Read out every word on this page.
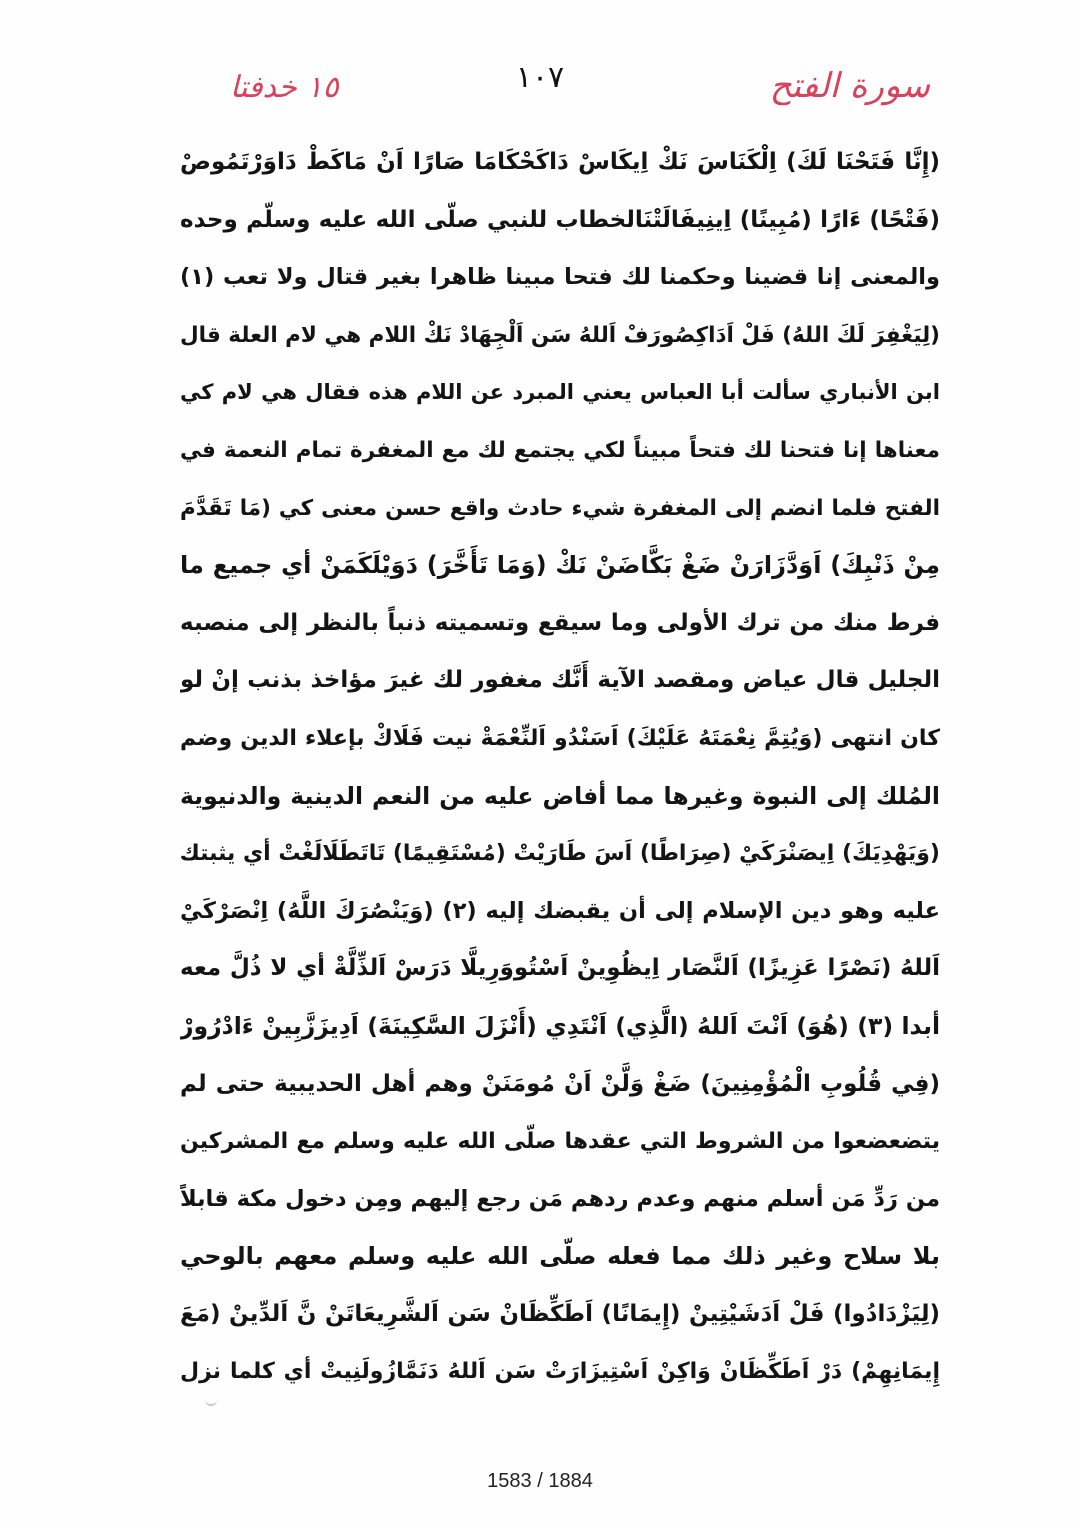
سورة الفتح
١٠٧
١٥ خدفتا
(إِنَّا فَتَحْنَا لَكَ) اِلْكَنَاسَ نَكْ اِيكَاسْ دَاكَحْكَامَا صَارًا اَنْ مَاكَطْ دَاوَرْتَمُوصْ
(فَتْحًا) ءَارًا (مُبِينًا) اِينِيفَالَتْنَالخطاب للنبي صلّى الله عليه وسلّم وحده
والمعنى إنا قضينا وحكمنا لك فتحا مبينا ظاهرا بغير قتال ولا تعب (١)
(لِيَغْفِرَ لَكَ اللهُ) فَلْ اَدَاكِصُورَفْ اَللهُ سَن اَلْجِهَادْ نَكْ اللام هي لام العلة قال
ابن الأنباري سألت أبا العباس يعني المبرد عن اللام هذه فقال هي لام كي
معناها إنا فتحنا لك فتحاً مبيناً لكي يجتمع لك مع المغفرة تمام النعمة في
الفتح فلما انضم إلى المغفرة شيء حادث واقع حسن معنى كي (مَا تَقَدَّمَ
مِنْ ذَنْبِكَ) اَوَدَّزَارَنْ ضَغْ بَكَّاضَنْ نَكْ (وَمَا تَأَخَّرَ) دَوَيْلَكَمَنْ أي جميع ما
فرط منك من ترك الأولى وما سيقع وتسميته ذنباً بالنظر إلى منصبه
الجليل قال عياض ومقصد الآية أَنَّك مغفور لك غيرَ مؤاخذ بذنب إنْ لو
كان انتهى (وَيُتِمَّ نِعْمَتَهُ عَلَيْكَ) اَسَنْدُو اَلنِّعْمَةْ نيت فَلَاكْ بإعلاء الدين وضم
المُلك إلى النبوة وغيرها مما أفاض عليه من النعم الدينية والدنيوية
(وَيَهْدِيَكَ) اِيصَنْرَكَيْ (صِرَاطًا) اَسَ طَارَيْتْ (مُسْتَقِيمًا) تَاتَطَلَالَغْتْ أي يثبتك
عليه وهو دين الإسلام إلى أن يقبضك إليه (٢) (وَيَنْصُرَكَ اللَّهُ) اِنْصَرْكَيْ
اَللهُ (نَصْرًا عَزِيزًا) اَلنَّصَار اِيظُوِينْ اَسْتُووَرِيلَّا دَرَسْ اَلذِّلَّةْ أي لا ذُلَّ معه
أبدا (٣) (هُوَ) اَنْتَ اَللهُ (الَّذِي) اَنْتَدِي (أَنْزَلَ السَّكِينَةَ) اَدِيزَزَّبِينْ ءَادْرُورْ
(فِي قُلُوبِ الْمُؤْمِنِينَ) ضَغْ وَلَّنْ اَنْ مُومَنَنْ وهم أهل الحديبية حتى لم
يتضعضعوا من الشروط التي عقدها صلّى الله عليه وسلم مع المشركين
من رَدِّ مَن أسلم منهم وعدم ردهم مَن رجع إليهم ومِن دخول مكة قابلاً
بلا سلاح وغير ذلك مما فعله صلّى الله عليه وسلم معهم بالوحي
(لِيَزْدَادُوا) فَلْ اَدَشَيْتِينْ (إِيمَانًا) اَطَكِّظَانْ سَن اَلشَّرِيعَاتَنْ نَّ اَلدِّينْ (مَعَ
إِيمَانِهِمْ) دَرْ اَطَكِّظَانْ وَاكِنْ اَسْتِيزَارَتْ سَن اَللهُ دَنَمَّازُولَنِيتْ أي كلما نزل
1583 / 1884
